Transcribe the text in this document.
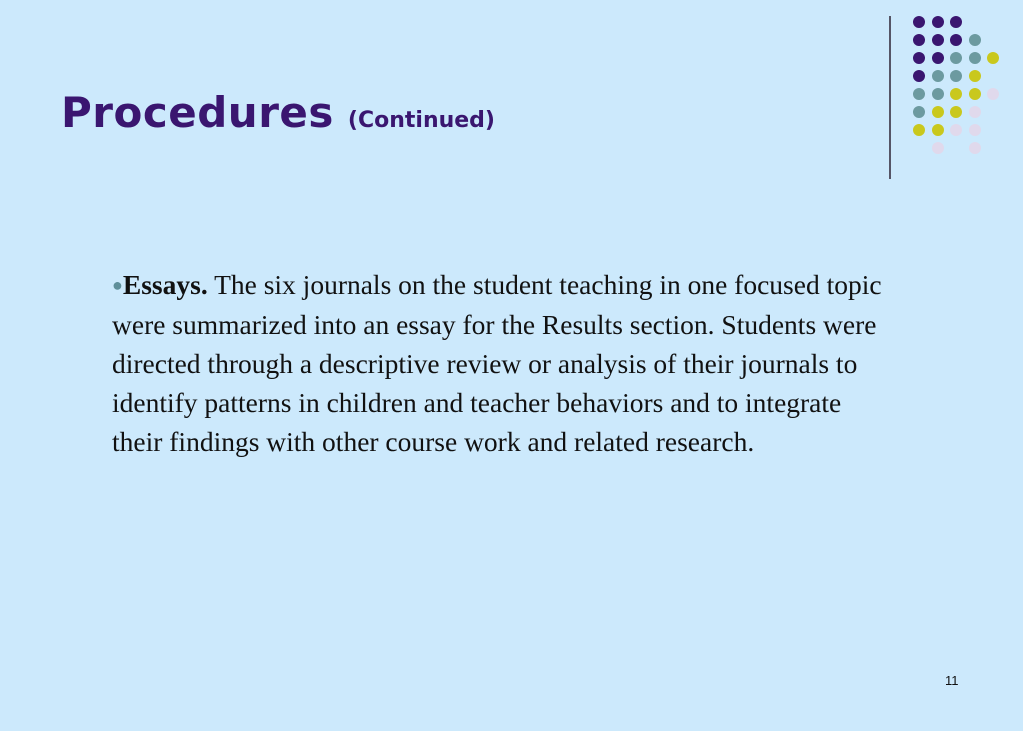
Procedures (Continued)
●Essays. The six journals on the student teaching in one focused topic were summarized into an essay for the Results section. Students were directed through a descriptive review or analysis of their journals to identify patterns in children and teacher behaviors and to integrate their findings with other course work and related research.
11
